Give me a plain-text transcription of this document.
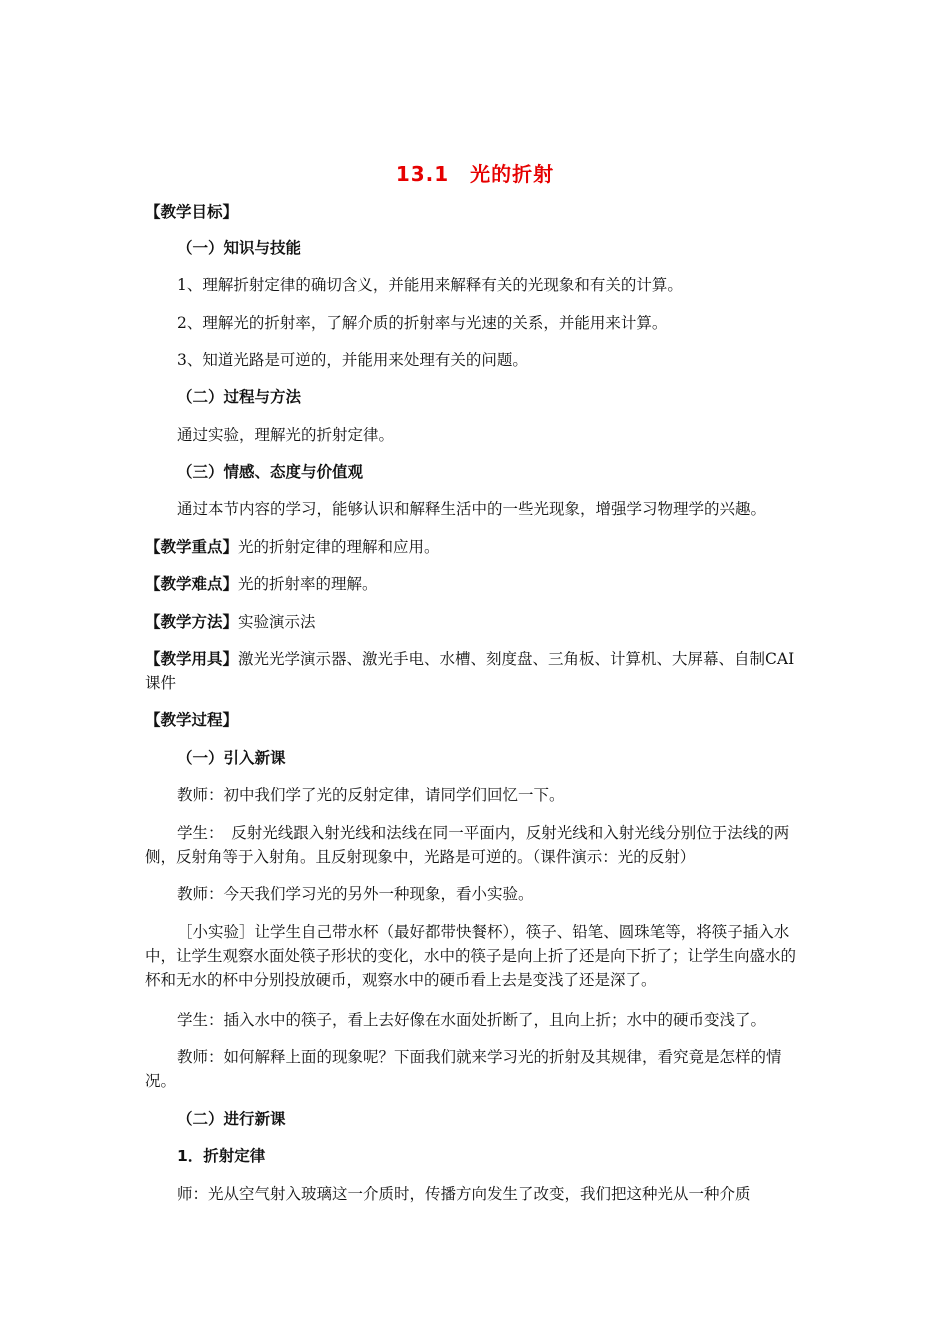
13.1　光的折射
【教学目标】
（一）知识与技能
1、理解折射定律的确切含义，并能用来解释有关的光现象和有关的计算。
2、理解光的折射率，了解介质的折射率与光速的关系，并能用来计算。
3、知道光路是可逆的，并能用来处理有关的问题。
（二）过程与方法
通过实验，理解光的折射定律。
（三）情感、态度与价值观
通过本节内容的学习，能够认识和解释生活中的一些光现象，增强学习物理学的兴趣。
【教学重点】光的折射定律的理解和应用。
【教学难点】光的折射率的理解。
【教学方法】实验演示法
【教学用具】激光光学演示器、激光手电、水槽、刻度盘、三角板、计算机、大屏幕、自制CAI课件
【教学过程】
（一）引入新课
教师：初中我们学了光的反射定律，请同学们回忆一下。
学生：　反射光线跟入射光线和法线在同一平面内，反射光线和入射光线分别位于法线的两侧，反射角等于入射角。且反射现象中，光路是可逆的。（课件演示：光的反射）
教师：今天我们学习光的另外一种现象，看小实验。
［小实验］让学生自己带水杯（最好都带快餐杯），筷子、铅笔、圆珠笔等，将筷子插入水中，让学生观察水面处筷子形状的变化，水中的筷子是向上折了还是向下折了；让学生向盛水的杯和无水的杯中分别投放硬币，观察水中的硬币看上去是变浅了还是深了。
学生：插入水中的筷子，看上去好像在水面处折断了，且向上折；水中的硬币变浅了。
教师：如何解释上面的现象呢？下面我们就来学习光的折射及其规律，看究竟是怎样的情况。
（二）进行新课
1．折射定律
师：光从空气射入玻璃这一介质时，传播方向发生了改变，我们把这种光从一种介质
